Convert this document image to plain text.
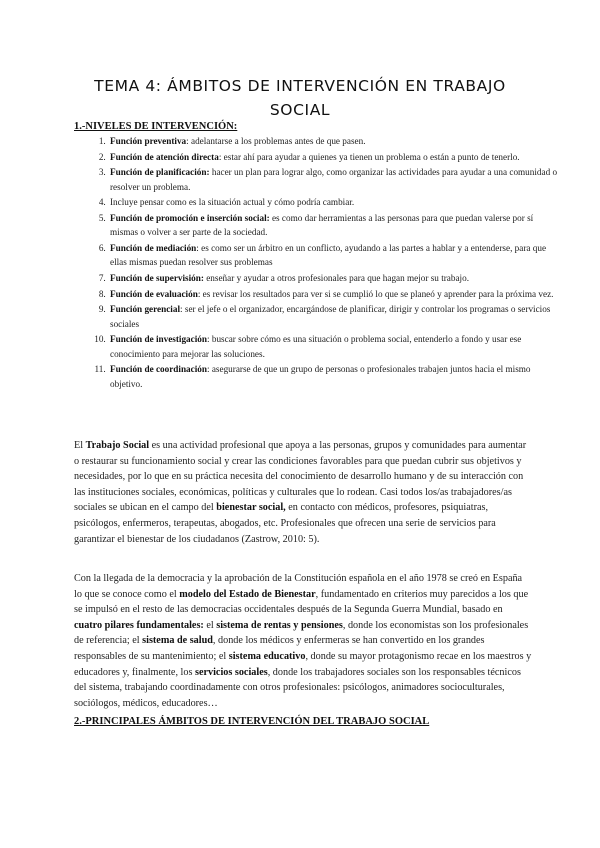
TEMA 4: ÁMBITOS DE INTERVENCIÓN EN TRABAJO
SOCIAL
1.-NIVELES DE INTERVENCIÓN:
1. Función preventiva: adelantarse a los problemas antes de que pasen.
2. Función de atención directa: estar ahí para ayudar a quienes ya tienen un problema o están a punto de tenerlo.
3. Función de planificación: hacer un plan para lograr algo, como organizar las actividades para ayudar a una comunidad o resolver un problema.
4. Incluye pensar como es la situación actual y cómo podría cambiar.
5. Función de promoción e inserción social: es como dar herramientas a las personas para que puedan valerse por sí mismas o volver a ser parte de la sociedad.
6. Función de mediación: es como ser un árbitro en un conflicto, ayudando a las partes a hablar y a entenderse, para que ellas mismas puedan resolver sus problemas
7. Función de supervisión: enseñar y ayudar a otros profesionales para que hagan mejor su trabajo.
8. Función de evaluación: es revisar los resultados para ver si se cumplió lo que se planeó y aprender para la próxima vez.
9. Función gerencial: ser el jefe o el organizador, encargándose de planificar, dirigir y controlar los programas o servicios sociales
10. Función de investigación: buscar sobre cómo es una situación o problema social, entenderlo a fondo y usar ese conocimiento para mejorar las soluciones.
11. Función de coordinación: asegurarse de que un grupo de personas o profesionales trabajen juntos hacia el mismo objetivo.

El Trabajo Social es una actividad profesional que apoya a las personas, grupos y comunidades para aumentar o restaurar su funcionamiento social y crear las condiciones favorables para que puedan cubrir sus objetivos y necesidades, por lo que en su práctica necesita del conocimiento de desarrollo humano y de su interacción con las instituciones sociales, económicas, políticas y culturales que lo rodean. Casi todos los/as trabajadores/as sociales se ubican en el campo del bienestar social, en contacto con médicos, profesores, psiquiatras, psicólogos, enfermeros, terapeutas, abogados, etc. Profesionales que ofrecen una serie de servicios para garantizar el bienestar de los ciudadanos (Zastrow, 2010: 5).

Con la llegada de la democracia y la aprobación de la Constitución española en el año 1978 se creó en España lo que se conoce como el modelo del Estado de Bienestar, fundamentado en criterios muy parecidos a los que se impulsó en el resto de las democracias occidentales después de la Segunda Guerra Mundial, basado en cuatro pilares fundamentales: el sistema de rentas y pensiones, donde los economistas son los profesionales de referencia; el sistema de salud, donde los médicos y enfermeras se han convertido en los grandes responsables de su mantenimiento; el sistema educativo, donde su mayor protagonismo recae en los maestros y educadores y, finalmente, los servicios sociales, donde los trabajadores sociales son los responsables técnicos del sistema, trabajando coordinadamente con otros profesionales: psicólogos, animadores socioculturales, sociólogos, médicos, educadores…

2.-PRINCIPALES ÁMBITOS DE INTERVENCIÓN DEL TRABAJO SOCIAL
